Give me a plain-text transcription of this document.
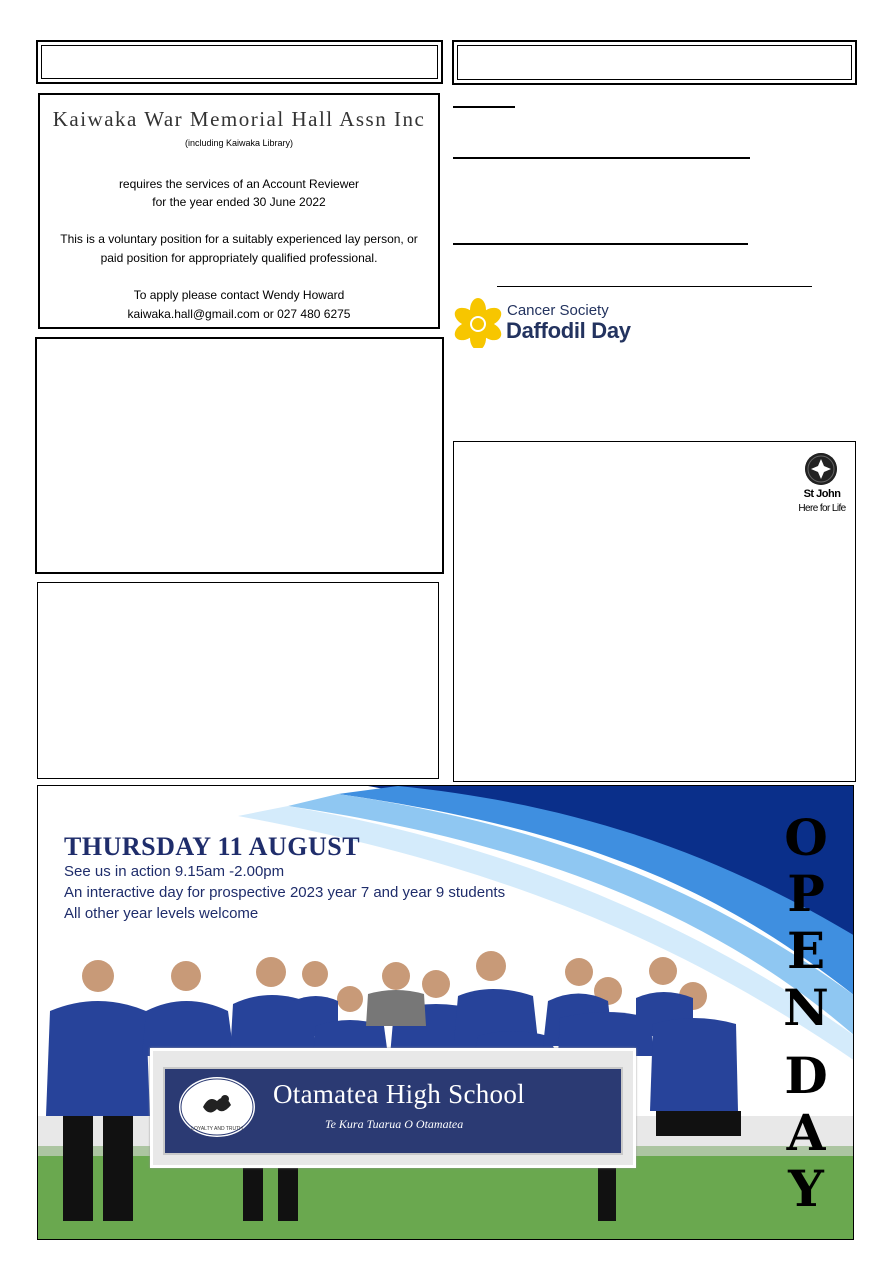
Kaiwaka War Memorial Hall Assn Inc
(including Kaiwaka Library)
requires the services of an Account Reviewer
for the year ended 30 June 2022
This is a voluntary position for a suitably experienced lay person, or
paid position for appropriately qualified professional.
To apply please contact Wendy Howard
kaiwaka.hall@gmail.com or 027 480 6275	Cancer Society
Daffodil Day
St John
Here for Life
THURSDAY 11 AUGUST
See us in action 9.15am -2.00pm
An interactive day for prospective 2023 year 7 and year 9 students
All other year levels welcome
O
P
E
N
D
A
Y
LOYALTY AND TRUTH
Otamatea High School
Te Kura Tuarua O Otamatea
